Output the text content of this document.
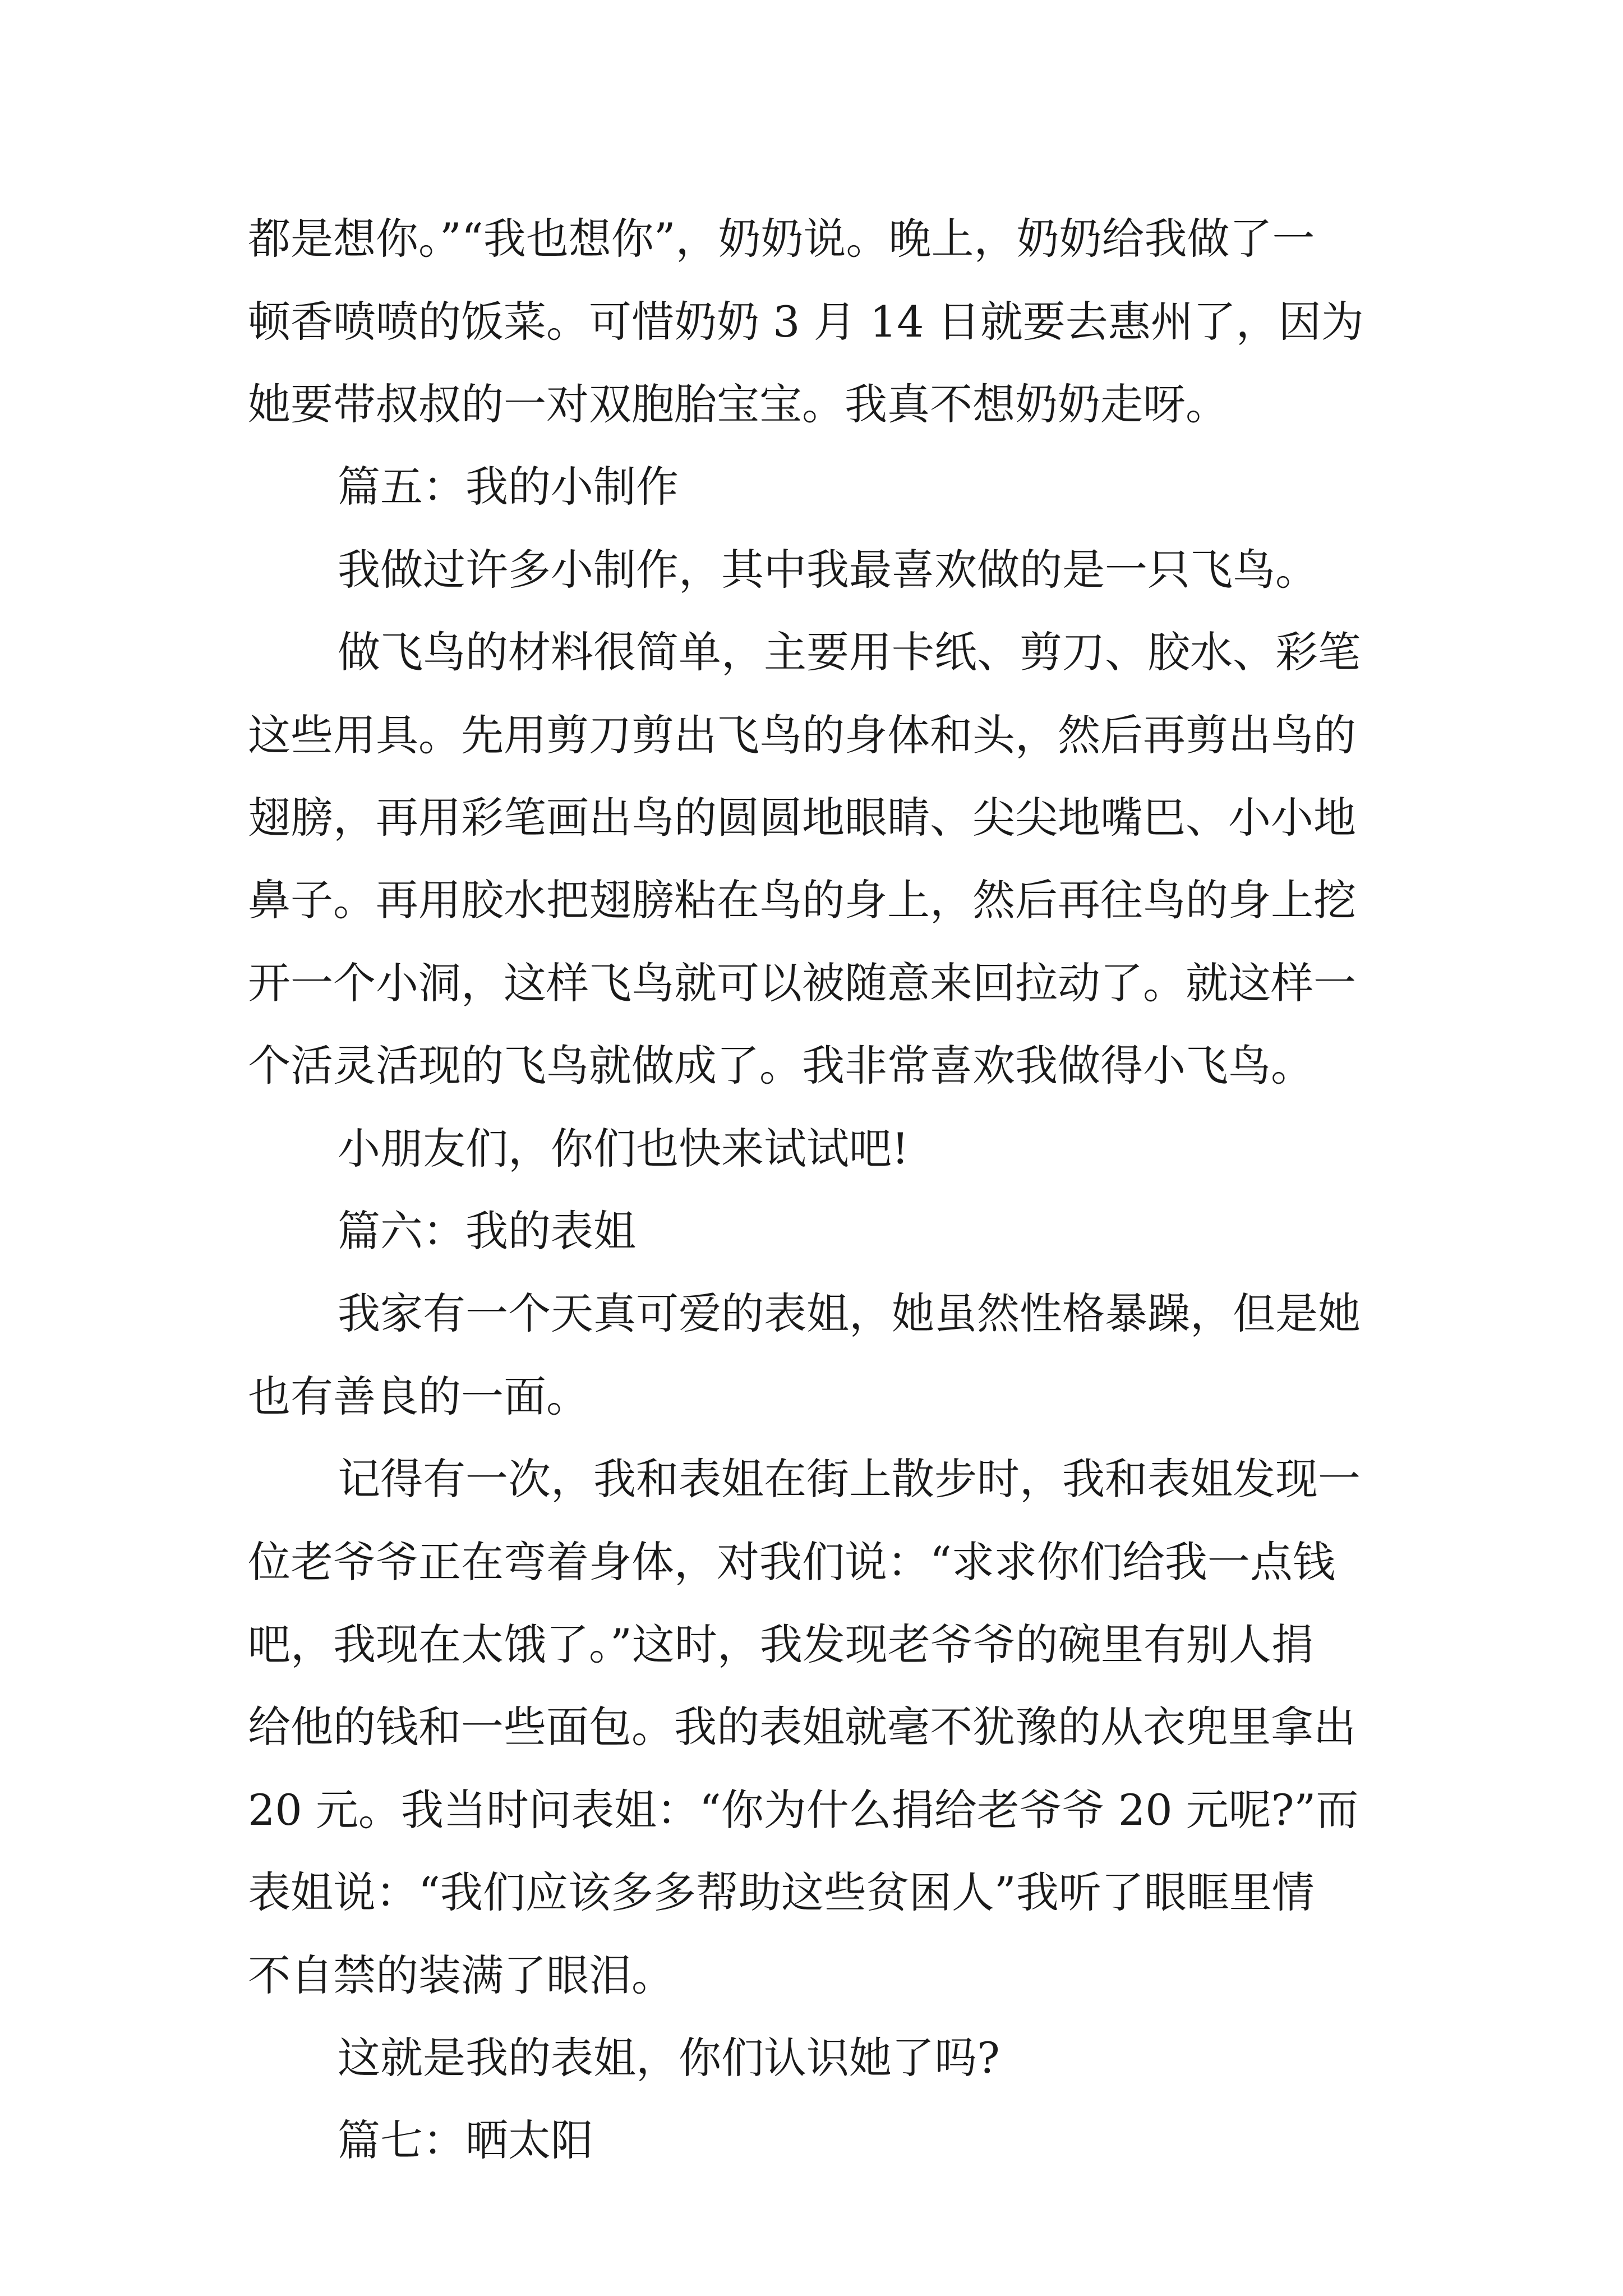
都是想你。”“我也想你”，奶奶说。晚上，奶奶给我做了一
顿香喷喷的饭菜。可惜奶奶 3 月 14 日就要去惠州了，因为
她要带叔叔的一对双胞胎宝宝。我真不想奶奶走呀。
篇五：我的小制作
我做过许多小制作，其中我最喜欢做的是一只飞鸟。
做飞鸟的材料很简单，主要用卡纸、剪刀、胶水、彩笔
这些用具。先用剪刀剪出飞鸟的身体和头，然后再剪出鸟的
翅膀，再用彩笔画出鸟的圆圆地眼睛、尖尖地嘴巴、小小地
鼻子。再用胶水把翅膀粘在鸟的身上，然后再往鸟的身上挖
开一个小洞，这样飞鸟就可以被随意来回拉动了。就这样一
个活灵活现的飞鸟就做成了。我非常喜欢我做得小飞鸟。
小朋友们，你们也快来试试吧!
篇六：我的表姐
我家有一个天真可爱的表姐，她虽然性格暴躁，但是她
也有善良的一面。
记得有一次，我和表姐在街上散步时，我和表姐发现一
位老爷爷正在弯着身体，对我们说：“求求你们给我一点钱
吧，我现在太饿了。”这时，我发现老爷爷的碗里有别人捐
给他的钱和一些面包。我的表姐就毫不犹豫的从衣兜里拿出
20 元。我当时问表姐：“你为什么捐给老爷爷 20 元呢?”而
表姐说：“我们应该多多帮助这些贫困人”我听了眼眶里情
不自禁的装满了眼泪。
这就是我的表姐，你们认识她了吗?
篇七：晒太阳
